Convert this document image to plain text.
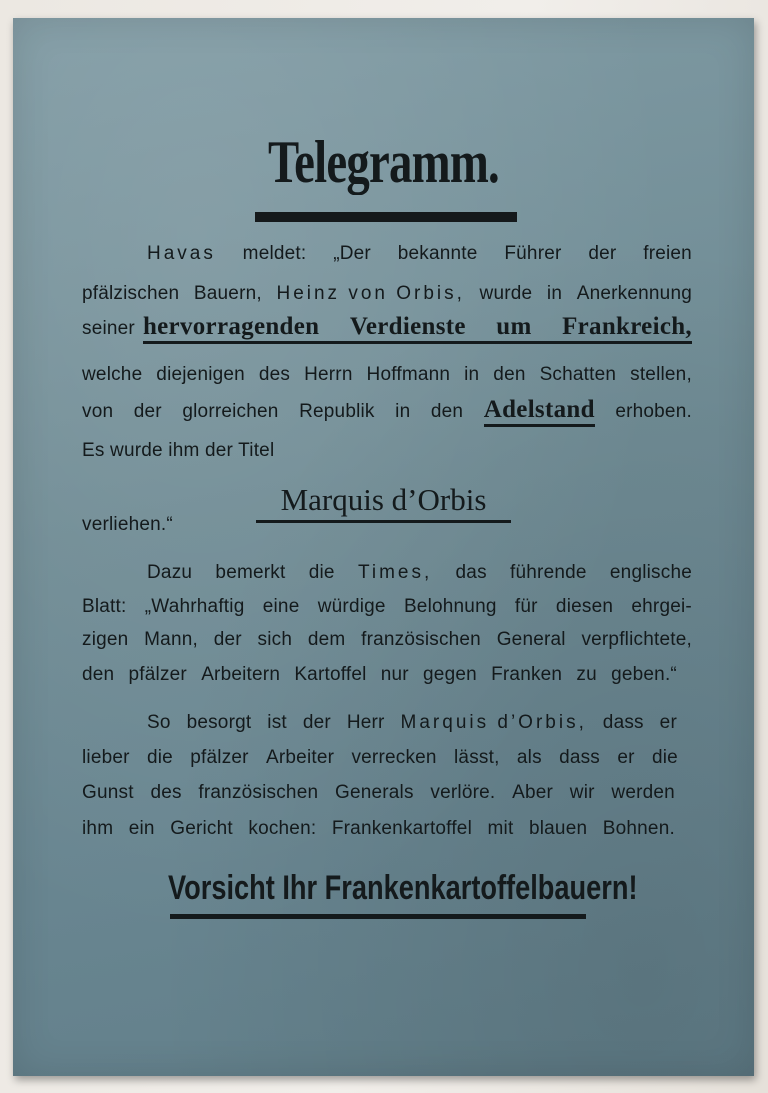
Telegramm.
Havas meldet: „Der bekannte Führer der freien
pfälzischen Bauern, Heinz von Orbis, wurde in Anerkennung
seiner hervorragenden Verdienste um Frankreich,
welche diejenigen des Herrn Hoffmann in den Schatten stellen,
von der glorreichen Republik in den Adelstand erhoben.
Es wurde ihm der Titel
Marquis d’Orbis
verliehen.“
Dazu bemerkt die Times, das führende englische
Blatt: „Wahrhaftig eine würdige Belohnung für diesen ehrgei-
zigen Mann, der sich dem französischen General verpflichtete,
den pfälzer Arbeitern Kartoffel nur gegen Franken zu geben.“
So besorgt ist der Herr Marquis d’Orbis, dass er
lieber die pfälzer Arbeiter verrecken lässt, als dass er die
Gunst des französischen Generals verlöre. Aber wir werden
ihm ein Gericht kochen: Frankenkartoffel mit blauen Bohnen.
Vorsicht Ihr Frankenkartoffelbauern!
